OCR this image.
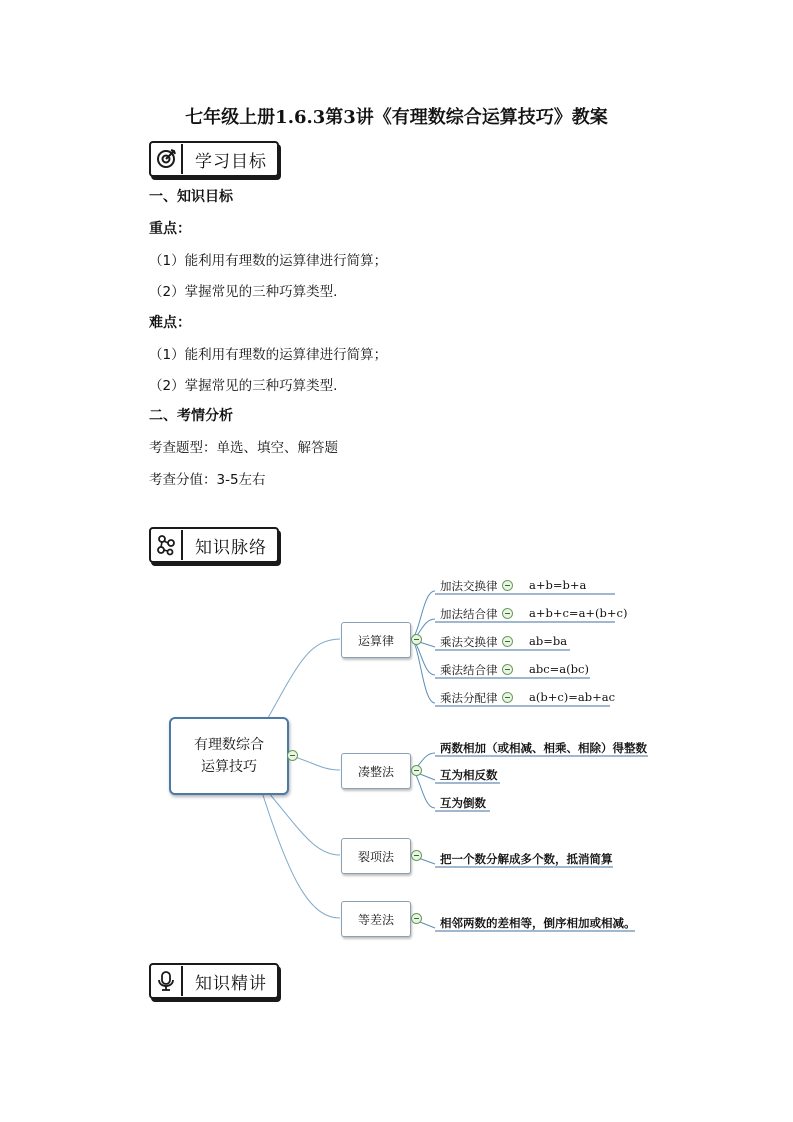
七年级上册1.6.3第3讲《有理数综合运算技巧》教案
学习目标
一、知识目标
重点：
（1）能利用有理数的运算律进行简算；
（2）掌握常见的三种巧算类型.
难点：
（1）能利用有理数的运算律进行简算；
（2）掌握常见的三种巧算类型.
二、考情分析
考查题型：单选、填空、解答题
考查分值：3-5左右
知识脉络
有理数综合
运算技巧
运算律
凑整法
裂项法
等差法
加法交换律	a+b=b+a
加法结合律	a+b+c=a+(b+c)
乘法交换律	ab=ba
乘法结合律	abc=a(bc)
乘法分配律	a(b+c)=ab+ac
两数相加（或相减、相乘、相除）得整数
互为相反数
互为倒数
把一个数分解成多个数，抵消简算
相邻两数的差相等，倒序相加或相减。
知识精讲
